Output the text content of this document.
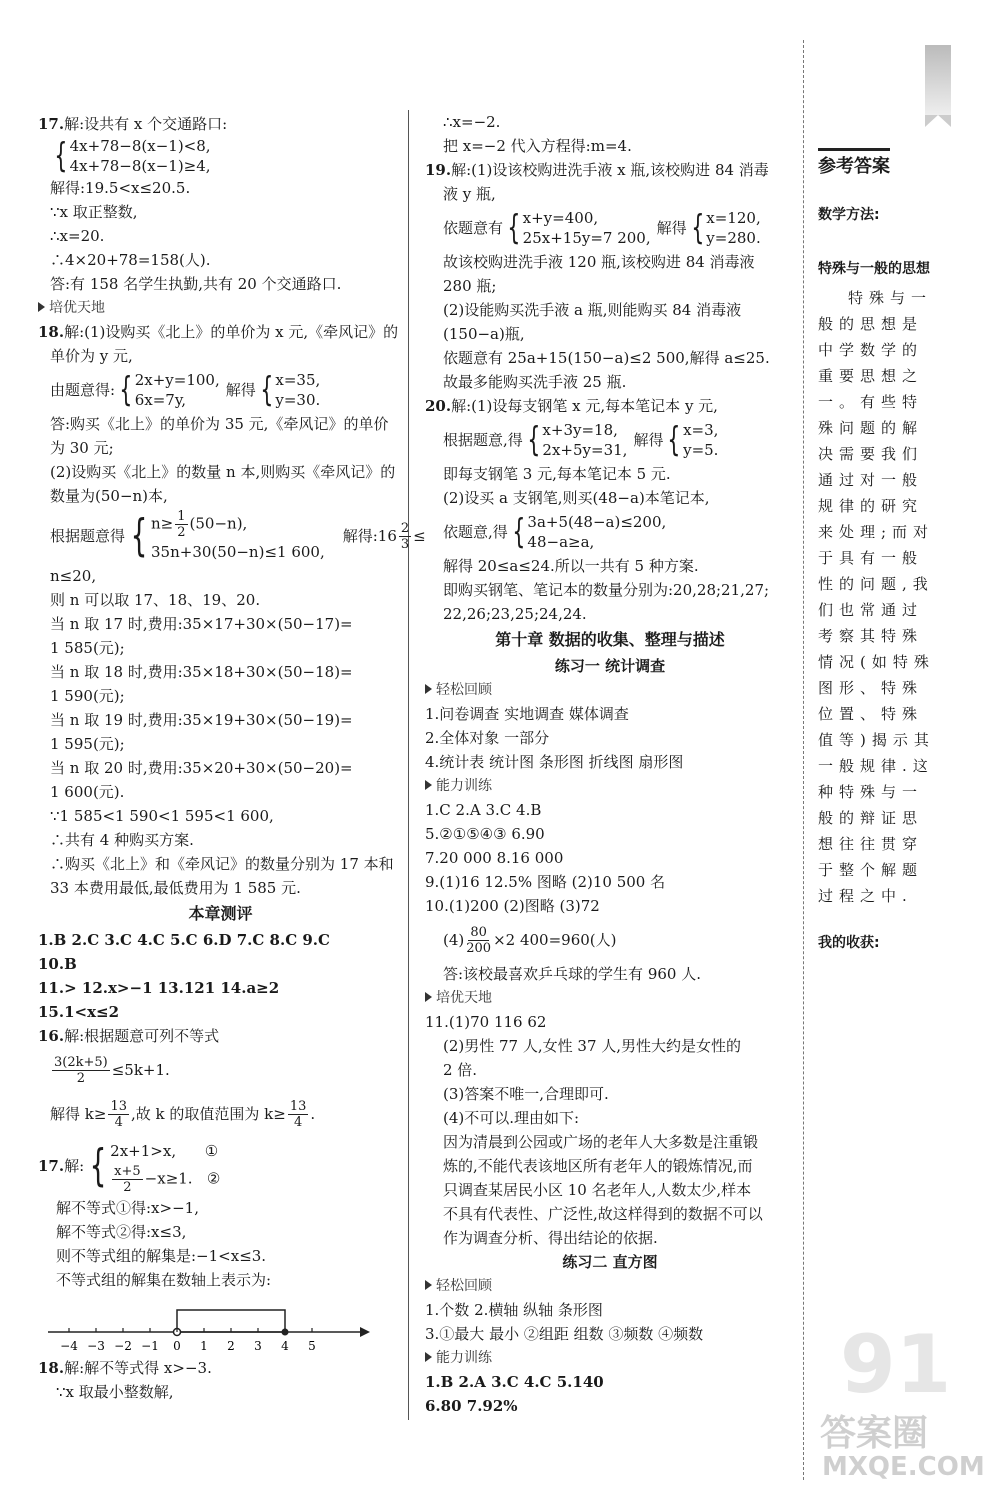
17.解:设共有 x 个交通路口:
{ 4x+78−8(x−1)<8,
4x+78−8(x−1)≥4,
解得:19.5<x≤20.5.
∵x 取正整数,
∴x=20.
∴4×20+78=158(人).
答:有 158 名学生执勤,共有 20 个交通路口.
培优天地
18.解:(1)设购买《北上》的单价为 x 元,《牵风记》的
单价为 y 元,
由题意得: { 2x+y=100,
6x=7y,
解得 { x=35,
y=30.
答:购买《北上》的单价为 35 元,《牵风记》的单价
为 30 元;
(2)设购买《北上》的数量 n 本,则购买《牵风记》的
数量为(50−n)本,
根据题意得 { $n\ge \frac{1}{2} (50-n)$,
35n+30(50−n)≤1 600,
解得:16 $\frac{2}{3}$ ≤
n≤20,
则 n 可以取 17、18、19、20.
当 n 取 17 时,费用:35×17+30×(50−17)=
1 585(元);
当 n 取 18 时,费用:35×18+30×(50−18)=
1 590(元);
当 n 取 19 时,费用:35×19+30×(50−19)=
1 595(元);
当 n 取 20 时,费用:35×20+30×(50−20)=
1 600(元).
∵1 585<1 590<1 595<1 600,
∴共有 4 种购买方案.
∴购买《北上》和《牵风记》的数量分别为 17 本和
33 本费用最低,最低费用为 1 585 元.
本章测评
1.B 2.C 3.C 4.C 5.C 6.D 7.C 8.C 9.C
10.B
11.> 12.x>−1 13.121 14.a≥2
15.1<x≤2
16.解:根据题意可列不等式
$\frac{3(2k+5)}{2} \le 5k+1$.
解得 $k\ge \frac{13}{4}$ ,故 k 的取值范围为 $k\ge \frac{13}{4}$ .
17. 解: { 2x+1>x, ①
$\frac{x+5}{2} -x\ge 1$. ②
解不等式①得:x>−1,
解不等式②得:x≤3,
则不等式组的解集是:−1<x≤3.
不等式组的解集在数轴上表示为:
−4 −3 −2 −1 0 1 2 3 4 5
18.解:解不等式得 x>−3.
∵x 取最小整数解,
∴x=−2.
把 x=−2 代入方程得:m=4.
19.解:(1)设该校购进洗手液 x 瓶,该校购进 84 消毒
液 y 瓶,
依题意有 { x+y=400,
25x+15y=7 200,
解得 { x=120,
y=280.
故该校购进洗手液 120 瓶,该校购进 84 消毒液
280 瓶;
(2)设能购买洗手液 a 瓶,则能购买 84 消毒液
(150−a)瓶,
依题意有 25a+15(150−a)≤2 500,解得 a≤25.
故最多能购买洗手液 25 瓶.
20.解:(1)设每支钢笔 x 元,每本笔记本 y 元,
根据题意,得 { x+3y=18,
2x+5y=31,
解得 { x=3,
y=5.
即每支钢笔 3 元,每本笔记本 5 元.
(2)设买 a 支钢笔,则买(48−a)本笔记本,
依题意,得 { 3a+5(48−a)≤200,
48−a≥a,
解得 20≤a≤24.所以一共有 5 种方案.
即购买钢笔、笔记本的数量分别为:20,28;21,27;
22,26;23,25;24,24.
第十章 数据的收集、整理与描述
练习一 统计调查
轻松回顾
1.问卷调查 实地调查 媒体调查
2.全体对象 一部分
4.统计表 统计图 条形图 折线图 扇形图
能力训练
1.C 2.A 3.C 4.B
5.②①⑤④③ 6.90
7.20 000 8.16 000
9.(1)16 12.5% 图略 (2)10 500 名
10.(1)200 (2)图略 (3)72
$(4) \frac{80}{200} \times 2$ 400=960(人)
答:该校最喜欢乒乓球的学生有 960 人.
培优天地
11.(1)70 116 62
(2)男性 77 人,女性 37 人,男性大约是女性的
2 倍.
(3)答案不唯一,合理即可.
(4)不可以.理由如下:
因为清晨到公园或广场的老年人大多数是注重锻
炼的,不能代表该地区所有老年人的锻炼情况,而
只调查某居民小区 10 名老年人,人数太少,样本
不具有代表性、广泛性,故这样得到的数据不可以
作为调查分析、得出结论的依据.
练习二 直方图
轻松回顾
1.个数 2.横轴 纵轴 条形图
3.①最大 最小 ②组距 组数 ③频数 ④频数
能力训练
1.B 2.A 3.C 4.C 5.140
6.80 7.92%
参考答案
数学方法:
特殊与一般的思想
特殊与一般的思想是中学数学的重要思想之一。有些特殊问题的解决需要我们通过对一般规律的研究来处理;而对于具有一般性的问题,我们也常通过考察其特殊情况(如特殊图形、特殊位置、特殊值等)揭示其一般规律.这种特殊与一般的辩证思想往往贯穿于整个解题过程之中.
我的收获:
91
答案圈
MXQE.COM
